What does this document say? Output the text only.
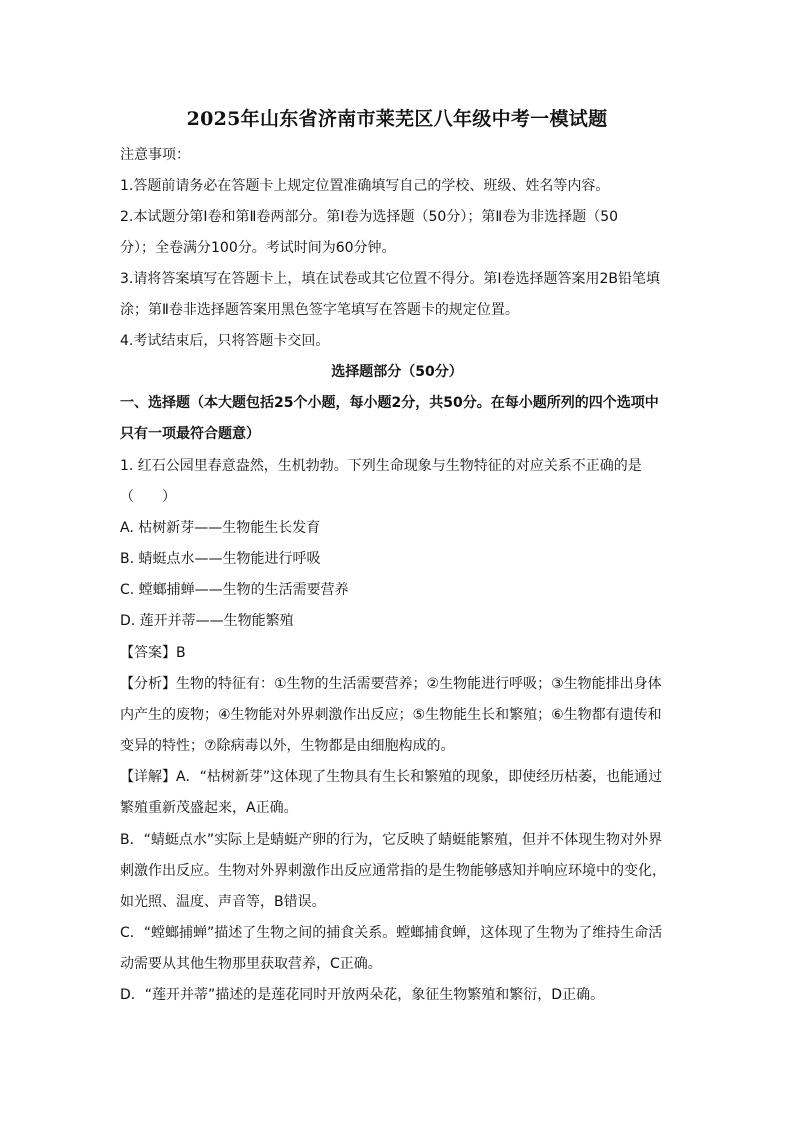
2025年山东省济南市莱芜区八年级中考一模试题
注意事项：
1.答题前请务必在答题卡上规定位置准确填写自己的学校、班级、姓名等内容。
2.本试题分第Ⅰ卷和第Ⅱ卷两部分。第Ⅰ卷为选择题（50分）；第Ⅱ卷为非选择题（50
分）；全卷满分100分。考试时间为60分钟。
3.请将答案填写在答题卡上，填在试卷或其它位置不得分。第Ⅰ卷选择题答案用2B铅笔填
涂；第Ⅱ卷非选择题答案用黑色签字笔填写在答题卡的规定位置。
4.考试结束后，只将答题卡交回。
选择题部分（50分）
一、选择题（本大题包括25个小题，每小题2分，共50分。在每小题所列的四个选项中
只有一项最符合题意）
1. 红石公园里春意盎然，生机勃勃。下列生命现象与生物特征的对应关系不正确的是
（　　）
A. 枯树新芽——生物能生长发育
B. 蜻蜓点水——生物能进行呼吸
C. 螳螂捕蝉——生物的生活需要营养
D. 莲开并蒂——生物能繁殖
【答案】B
【分析】生物的特征有：①生物的生活需要营养；②生物能进行呼吸；③生物能排出身体
内产生的废物；④生物能对外界刺激作出反应；⑤生物能生长和繁殖；⑥生物都有遗传和
变异的特性；⑦除病毒以外，生物都是由细胞构成的。
【详解】A．“枯树新芽”这体现了生物具有生长和繁殖的现象，即使经历枯萎，也能通过
繁殖重新茂盛起来，A正确。
B．“蜻蜓点水”实际上是蜻蜓产卵的行为，它反映了蜻蜓能繁殖，但并不体现生物对外界
刺激作出反应。生物对外界刺激作出反应通常指的是生物能够感知并响应环境中的变化，
如光照、温度、声音等，B错误。
C．“螳螂捕蝉”描述了生物之间的捕食关系。螳螂捕食蝉，这体现了生物为了维持生命活
动需要从其他生物那里获取营养，C正确。
D．“莲开并蒂”描述的是莲花同时开放两朵花，象征生物繁殖和繁衍，D正确。
